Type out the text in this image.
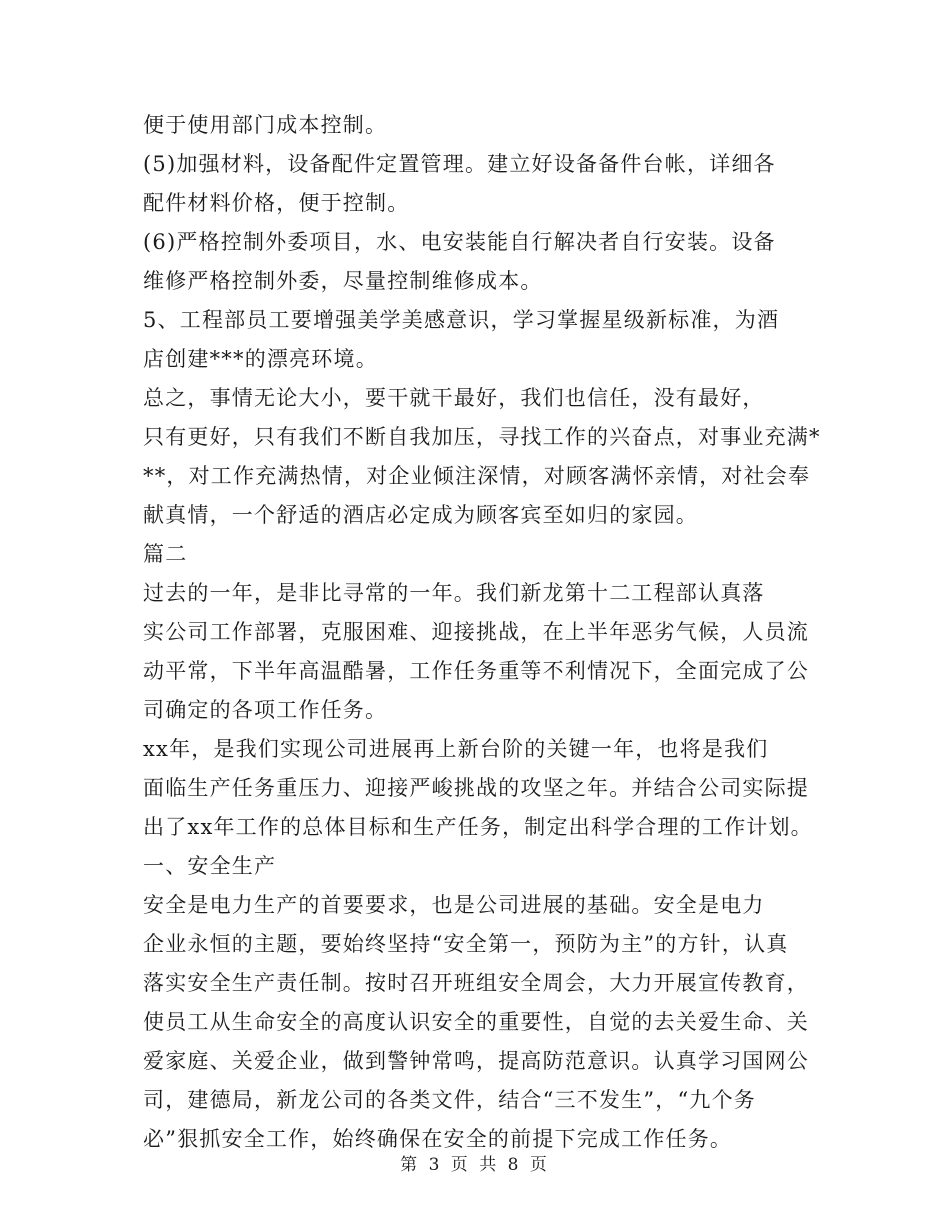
便于使用部门成本控制。
(5)加强材料，设备配件定置管理。建立好设备备件台帐，详细各
配件材料价格，便于控制。
(6)严格控制外委项目，水、电安装能自行解决者自行安装。设备
维修严格控制外委，尽量控制维修成本。
5、工程部员工要增强美学美感意识，学习掌握星级新标准，为酒
店创建***的漂亮环境。
总之，事情无论大小，要干就干最好，我们也信任，没有最好，
只有更好，只有我们不断自我加压，寻找工作的兴奋点，对事业充满*
**，对工作充满热情，对企业倾注深情，对顾客满怀亲情，对社会奉
献真情，一个舒适的酒店必定成为顾客宾至如归的家园。
篇二
过去的一年，是非比寻常的一年。我们新龙第十二工程部认真落
实公司工作部署，克服困难、迎接挑战，在上半年恶劣气候，人员流
动平常，下半年高温酷暑，工作任务重等不利情况下，全面完成了公
司确定的各项工作任务。
xx年，是我们实现公司进展再上新台阶的关键一年，也将是我们
面临生产任务重压力、迎接严峻挑战的攻坚之年。并结合公司实际提
出了xx年工作的总体目标和生产任务，制定出科学合理的工作计划。
一、安全生产
安全是电力生产的首要要求，也是公司进展的基础。安全是电力
企业永恒的主题，要始终坚持“安全第一，预防为主”的方针，认真
落实安全生产责任制。按时召开班组安全周会，大力开展宣传教育，
使员工从生命安全的高度认识安全的重要性，自觉的去关爱生命、关
爱家庭、关爱企业，做到警钟常鸣，提高防范意识。认真学习国网公
司，建德局，新龙公司的各类文件，结合“三不发生”，“九个务
必”狠抓安全工作，始终确保在安全的前提下完成工作任务。
第 3 页 共 8 页
